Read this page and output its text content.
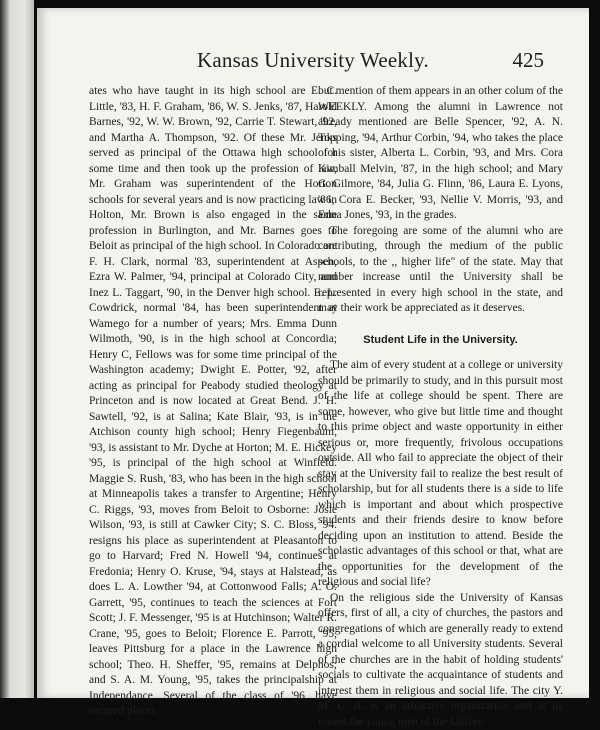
Kansas University Weekly.	425

ates who have taught in its high school are E. C. Little, '83, H. F. Graham, '86, W. S. Jenks, '87, Harold Barnes, '92, W. W. Brown, '92, Carrie T. Stewart, '92, and Martha A. Thompson, '92. Of these Mr. Jenks served as principal of the Ottawa high school for some time and then took up the profession of law, Mr. Graham was superintendent of the Horton schools for several years and is now practicing law in Holton, Mr. Brown is also engaged in the same profession in Burlington, and Mr. Barnes goes to Beloit as principal of the high school. In Colorado are F. H. Clark, normal '83, superintendent at Aspen, Ezra W. Palmer, '94, principal at Colorado City, and Inez L. Taggart, '90, in the Denver high school. E. L. Cowdrick, normal '84, has been superintendent at Wamego for a number of years; Mrs. Emma Dunn Wilmoth, '90, is in the high school at Concordia; Henry C, Fellows was for some time principal of the Washington academy; Dwight E. Potter, '92, after acting as principal for Peabody studied theology at Princeton and is now located at Great Bend. J. H. Sawtell, '92, is at Salina; Kate Blair, '93, is in the Atchison county high school; Henry Fiegenbaum, '93, is assistant to Mr. Dyche at Horton; M. E. Hickey '95, is principal of the high school at Winfield. Maggie S. Rush, '83, who has been in the high school at Minneapolis takes a transfer to Argentine; Henry C. Riggs, '93, moves from Beloit to Osborne: Josie Wilson, '93, is still at Cawker City; S. C. Bloss, '94. resigns his place as superintendent at Pleasanton to go to Harvard; Fred N. Howell '94, continues at Fredonia; Henry O. Kruse, '94, stays at Halstead, as does L. A. Lowther '94, at Cottonwood Falls; A. O. Garrett, '95, continues to teach the sciences at Fort Scott; J. F. Messenger, '95 is at Hutchinson; Walter R. Crane, '95, goes to Beloit; Florence E. Parrott, '95, leaves Pittsburg for a place in the Lawrence high school; Theo. H. Sheffer, '95, remains at Delphos; and S. A. M. Young, '95, takes the principalship at Independance. Several of the class of '96, have secured places

but mention of them appears in an other colum of the WEEKLY. Among the alumni in Lawrence not already mentioned are Belle Spencer, '92, A. N. Topping, '94, Arthur Corbin, '94, who takes the place of his sister, Alberta L. Corbin, '93, and Mrs. Cora Kimball Melvin, '87, in the high school; and Mary G. Gilmore, '84, Julia G. Flinn, '86, Laura E. Lyons, '86, Cora E. Becker, '93, Nellie V. Morris, '93, and Edna Jones, '93, in the grades.

The foregoing are some of the alumni who are contributing, through the medium of the public schools, to the ,, higher life" of the state. May that number increase until the University shall be represented in every high school in the state, and may their work be appreciated as it deserves.

Student Life in the University.

The aim of every student at a college or university should be primarily to study, and in this pursuit most of the life at college should be spent. There are some, however, who give but little time and thought to this prime object and waste opportunity in either serious or, more frequently, frivolous occupations outside. All who fail to appreciate the object of their stay at the University fail to realize the best result of scholarship, but for all students there is a side to life which is important and about which prospective students and their friends desire to know before deciding upon an institution to attend. Beside the scholastic advantages of this school or that, what are the opportunities for the development of the religious and social life?

On the religious side the University of Kansas offers, first of all, a city of churches, the pastors and congregations of which are generally ready to extend a cordial welcome to all University students. Several of the churches are in the habit of holding students' socials to cultivate the acquaintance of students and interest them in religious and social life. The city Y. M. C. A. is an attractive organization and at its rooms the young men of the Univer-
